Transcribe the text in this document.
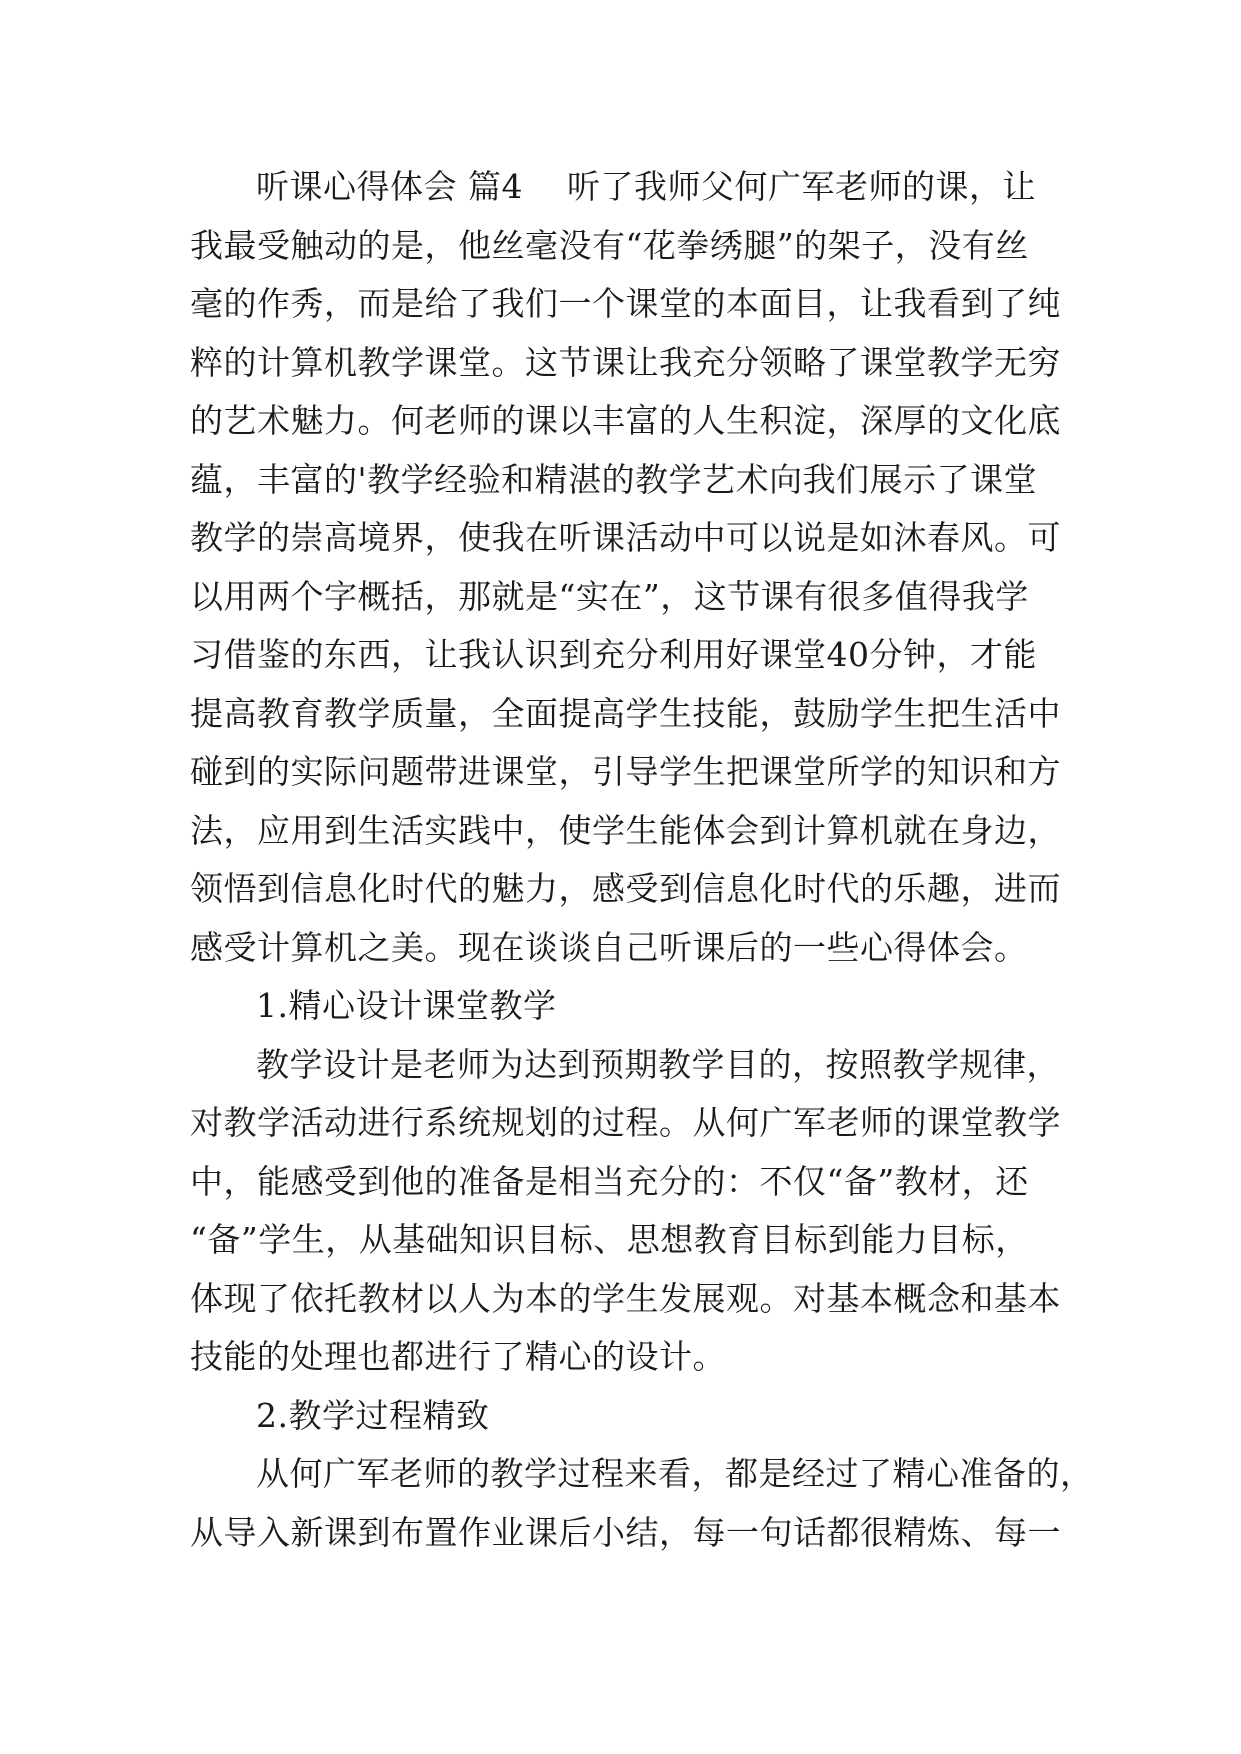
听课心得体会 篇4    听了我师父何广军老师的课，让
我最受触动的是，他丝毫没有“花拳绣腿”的架子，没有丝
毫的作秀，而是给了我们一个课堂的本面目，让我看到了纯
粹的计算机教学课堂。这节课让我充分领略了课堂教学无穷
的艺术魅力。何老师的课以丰富的人生积淀，深厚的文化底
蕴，丰富的'教学经验和精湛的教学艺术向我们展示了课堂
教学的崇高境界，使我在听课活动中可以说是如沐春风。可
以用两个字概括，那就是“实在”，这节课有很多值得我学
习借鉴的东西，让我认识到充分利用好课堂40分钟，才能
提高教育教学质量，全面提高学生技能，鼓励学生把生活中
碰到的实际问题带进课堂，引导学生把课堂所学的知识和方
法，应用到生活实践中，使学生能体会到计算机就在身边，
领悟到信息化时代的魅力，感受到信息化时代的乐趣，进而
感受计算机之美。现在谈谈自己听课后的一些心得体会。
1.精心设计课堂教学
教学设计是老师为达到预期教学目的，按照教学规律，
对教学活动进行系统规划的过程。从何广军老师的课堂教学
中，能感受到他的准备是相当充分的：不仅“备”教材，还
“备”学生，从基础知识目标、思想教育目标到能力目标，
体现了依托教材以人为本的学生发展观。对基本概念和基本
技能的处理也都进行了精心的设计。
2.教学过程精致
从何广军老师的教学过程来看，都是经过了精心准备的，
从导入新课到布置作业课后小结，每一句话都很精炼、每一
